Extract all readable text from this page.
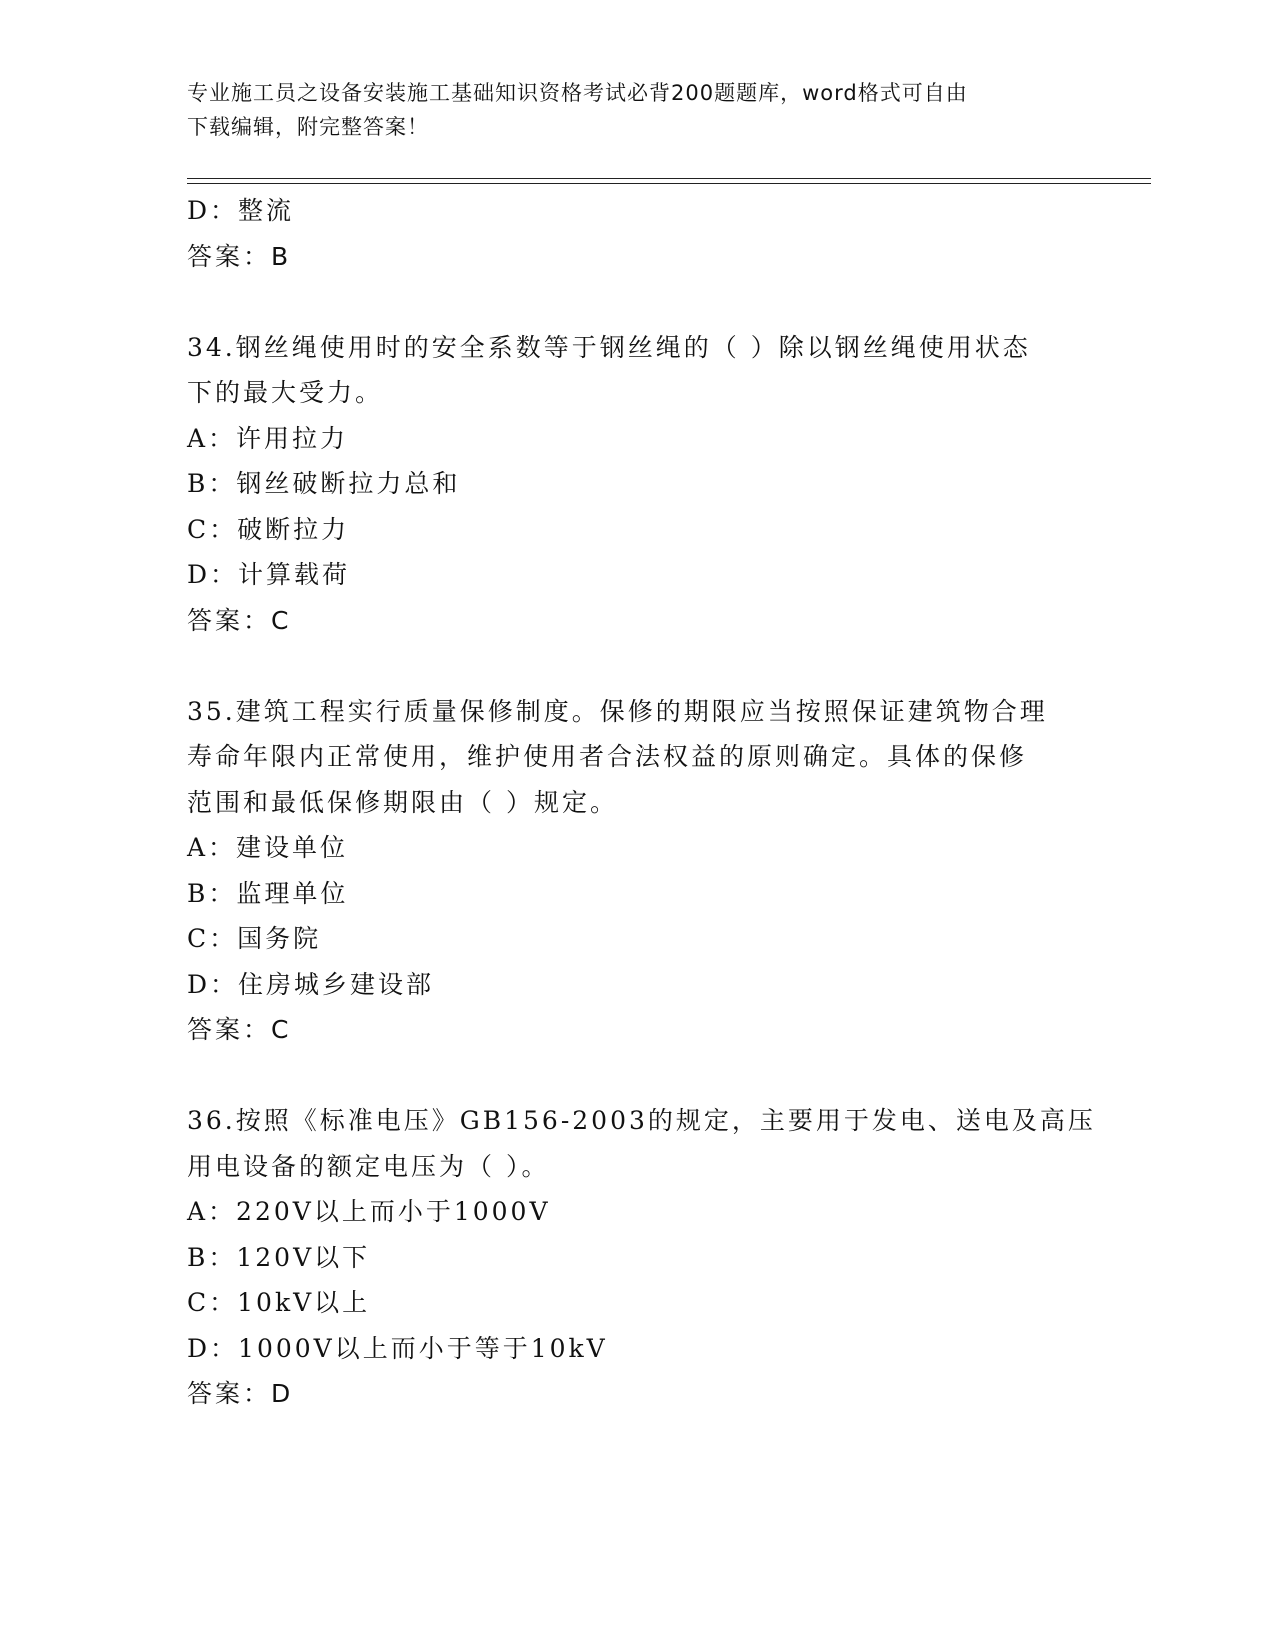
专业施工员之设备安装施工基础知识资格考试必背200题题库，word格式可自由
下载编辑，附完整答案！
D：整流
答案：B
34.钢丝绳使用时的安全系数等于钢丝绳的（ ）除以钢丝绳使用状态
下的最大受力。
A：许用拉力
B：钢丝破断拉力总和
C：破断拉力
D：计算载荷
答案：C
35.建筑工程实行质量保修制度。保修的期限应当按照保证建筑物合理
寿命年限内正常使用，维护使用者合法权益的原则确定。具体的保修
范围和最低保修期限由（ ）规定。
A：建设单位
B：监理单位
C：国务院
D：住房城乡建设部
答案：C
36.按照《标准电压》GB156-2003的规定，主要用于发电、送电及高压
用电设备的额定电压为（ ）。
A：220V以上而小于1000V
B：120V以下
C：10kV以上
D：1000V以上而小于等于10kV
答案：D
